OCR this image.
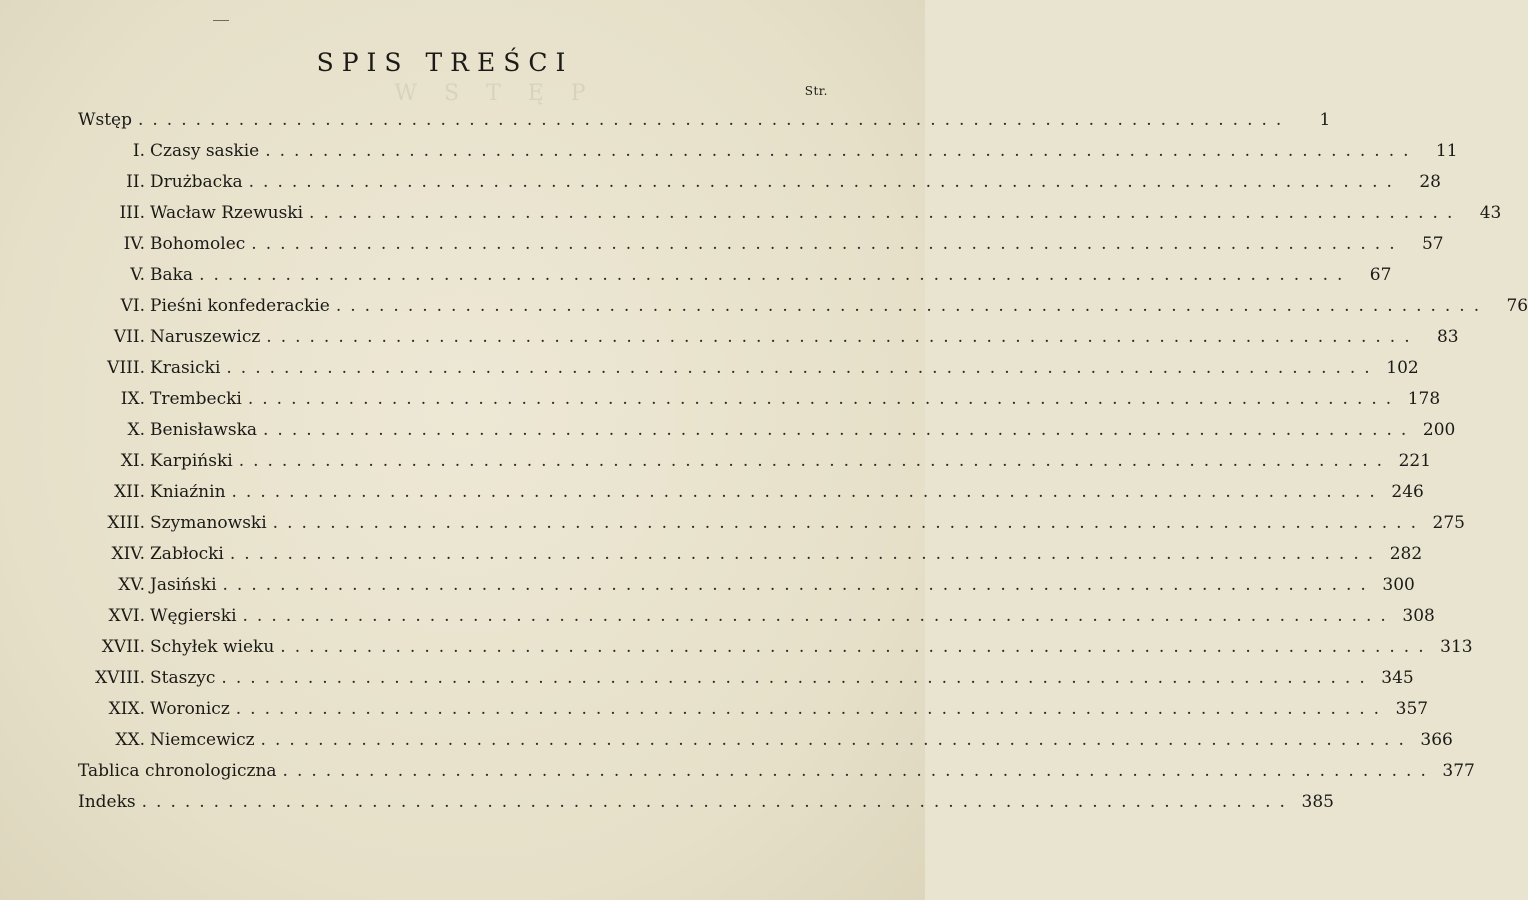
W S T Ę P
SPIS TREŚCI
Str.
Wstęp ................................................................................	1
I. Czasy saskie ................................................................................	11
II. Drużbacka ................................................................................	28
III. Wacław Rzewuski ................................................................................	43
IV. Bohomolec ................................................................................	57
V. Baka ................................................................................	67
VI. Pieśni konfederackie ................................................................................	76
VII. Naruszewicz ................................................................................	83
VIII. Krasicki ................................................................................ 102
IX. Trembecki ................................................................................ 178
X. Benisławska ................................................................................ 200
XI. Karpiński ................................................................................ 221
XII. Kniaźnin ................................................................................ 246
XIII. Szymanowski ................................................................................ 275
XIV. Zabłocki ................................................................................ 282
XV. Jasiński ................................................................................ 300
XVI. Węgierski ................................................................................ 308
XVII. Schyłek wieku ................................................................................ 313
XVIII. Staszyc ................................................................................ 345
XIX. Woronicz ................................................................................ 357
XX. Niemcewicz ................................................................................ 366
Tablica chronologiczna ................................................................................ 377
Indeks ................................................................................ 385
